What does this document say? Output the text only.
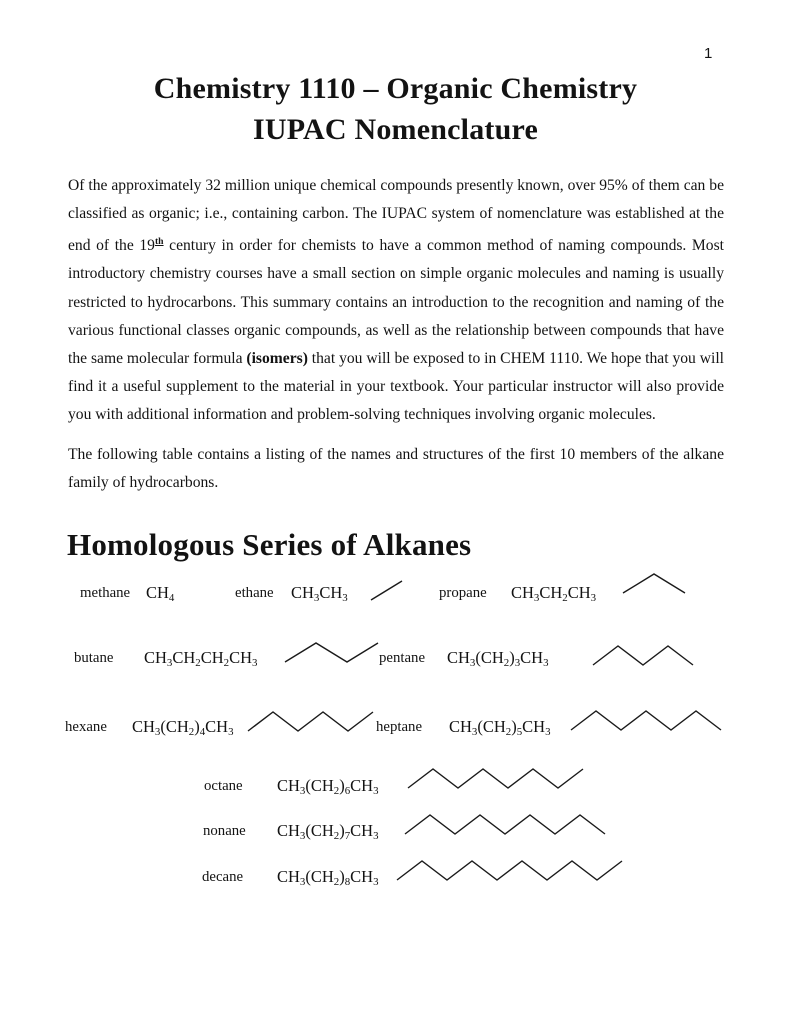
1
Chemistry 1110 – Organic Chemistry
IUPAC Nomenclature

Of the approximately 32 million unique chemical compounds presently known, over 95% of them can be classified as organic; i.e., containing carbon. The IUPAC system of nomenclature was established at the end of the 19th century in order for chemists to have a common method of naming compounds. Most introductory chemistry courses have a small section on simple organic molecules and naming is usually restricted to hydrocarbons. This summary contains an introduction to the recognition and naming of the various functional classes organic compounds, as well as the relationship between compounds that have the same molecular formula (isomers) that you will be exposed to in CHEM 1110. We hope that you will find it a useful supplement to the material in your textbook. Your particular instructor will also provide you with additional information and problem-solving techniques involving organic molecules.

The following table contains a listing of the names and structures of the first 10 members of the alkane family of hydrocarbons.

Homologous Series of Alkanes
methane $CH_4$	ethane $CH_3CH_3$	propane $CH_3CH_2CH_3$
butane $CH_3CH_2CH_2CH_3$	pentane $CH_3(CH_2)_3CH_3$
hexane $CH_3(CH_2)_4CH_3$	heptane $CH_3(CH_2)_5CH_3$
octane $CH_3(CH_2)_6CH_3$
nonane $CH_3(CH_2)_7CH_3$
decane $CH_3(CH_2)_8CH_3$
